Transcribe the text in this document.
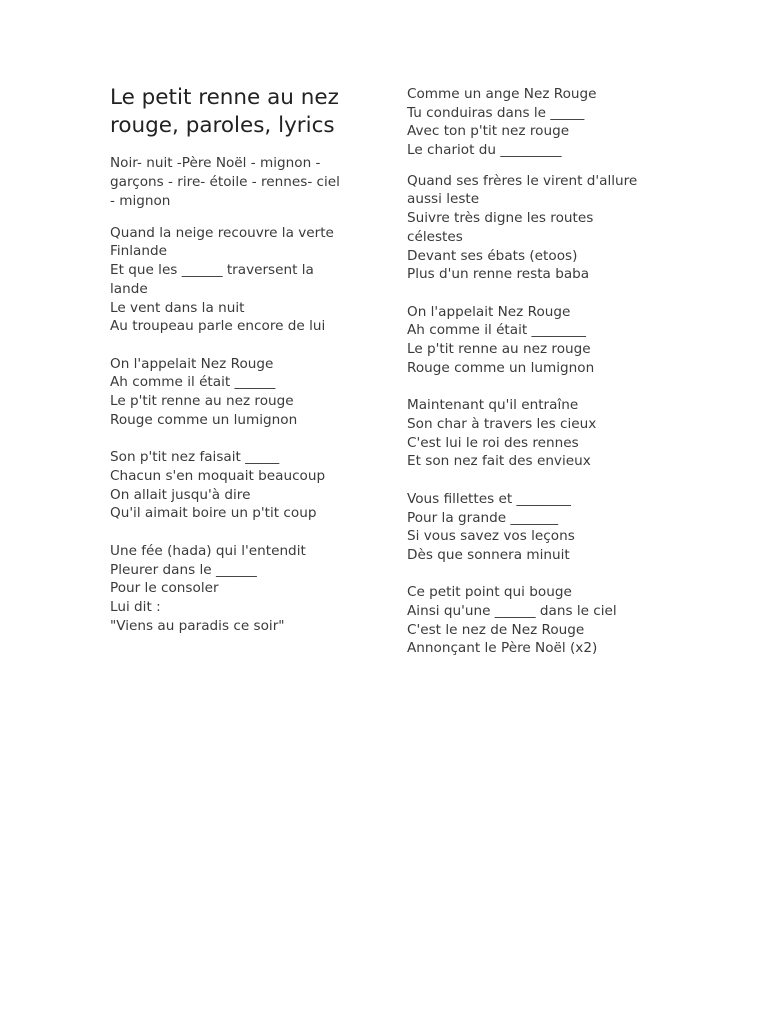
Le petit renne au nez rouge, paroles, lyrics
Noir- nuit -Père Noël - mignon -
garçons - rire- étoile - rennes- ciel
- mignon
Quand la neige recouvre la verte
Finlande
Et que les ______ traversent la
lande
Le vent dans la nuit
Au troupeau parle encore de lui
On l'appelait Nez Rouge
Ah comme il était ______
Le p'tit renne au nez rouge
Rouge comme un lumignon
Son p'tit nez faisait _____
Chacun s'en moquait beaucoup
On allait jusqu'à dire
Qu'il aimait boire un p'tit coup
Une fée (hada) qui l'entendit
Pleurer dans le ______
Pour le consoler
Lui dit :
"Viens au paradis ce soir"
Comme un ange Nez Rouge
Tu conduiras dans le _____
Avec ton p'tit nez rouge
Le chariot du _________
Quand ses frères le virent d'allure
aussi leste
Suivre très digne les routes
célestes
Devant ses ébats (etoos)
Plus d'un renne resta baba
On l'appelait Nez Rouge
Ah comme il était ________
Le p'tit renne au nez rouge
Rouge comme un lumignon
Maintenant qu'il entraîne
Son char à travers les cieux
C'est lui le roi des rennes
Et son nez fait des envieux
Vous fillettes et ________
Pour la grande _______
Si vous savez vos leçons
Dès que sonnera minuit
Ce petit point qui bouge
Ainsi qu'une ______ dans le ciel
C'est le nez de Nez Rouge
Annonçant le Père Noël (x2)
